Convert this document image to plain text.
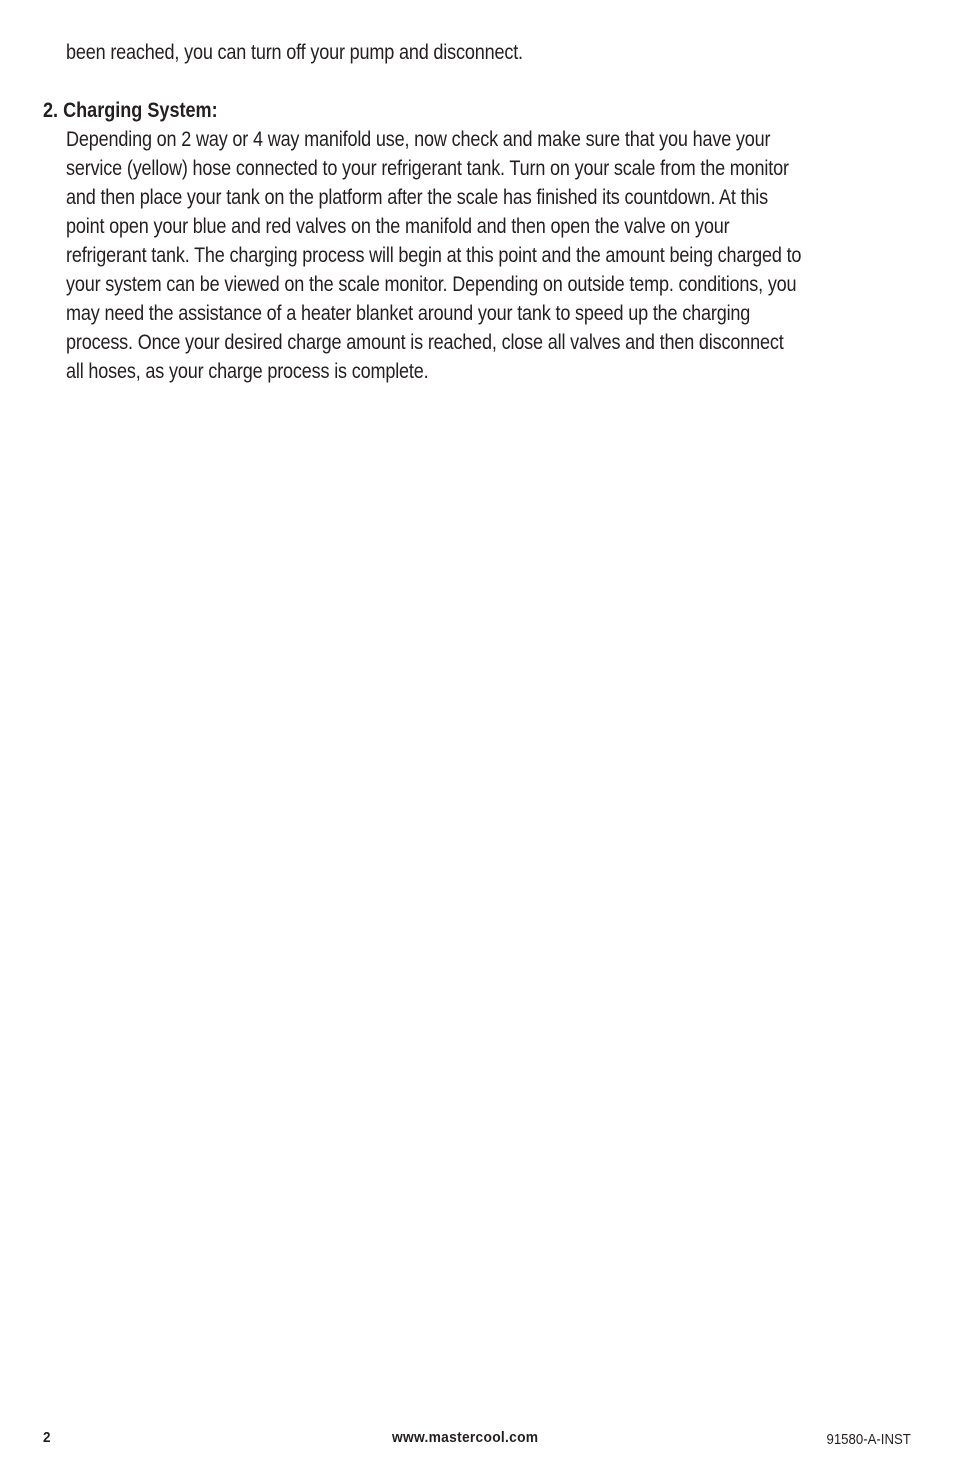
been reached, you can turn off your pump and disconnect.
2. Charging System:
Depending on 2 way or 4 way manifold use, now check and make sure that you have your
service (yellow) hose connected to your refrigerant tank. Turn on your scale from the monitor
and then place your tank on the platform after the scale has finished its countdown. At this
point open your blue and red valves on the manifold and then open the valve on your
refrigerant tank. The charging process will begin at this point and the amount being charged to
your system can be viewed on the scale monitor. Depending on outside temp. conditions, you
may need the assistance of a heater blanket around your tank to speed up the charging
process. Once your desired charge amount is reached, close all valves and then disconnect
all hoses, as your charge process is complete.
2	www.mastercool.com	91580-A-INST
